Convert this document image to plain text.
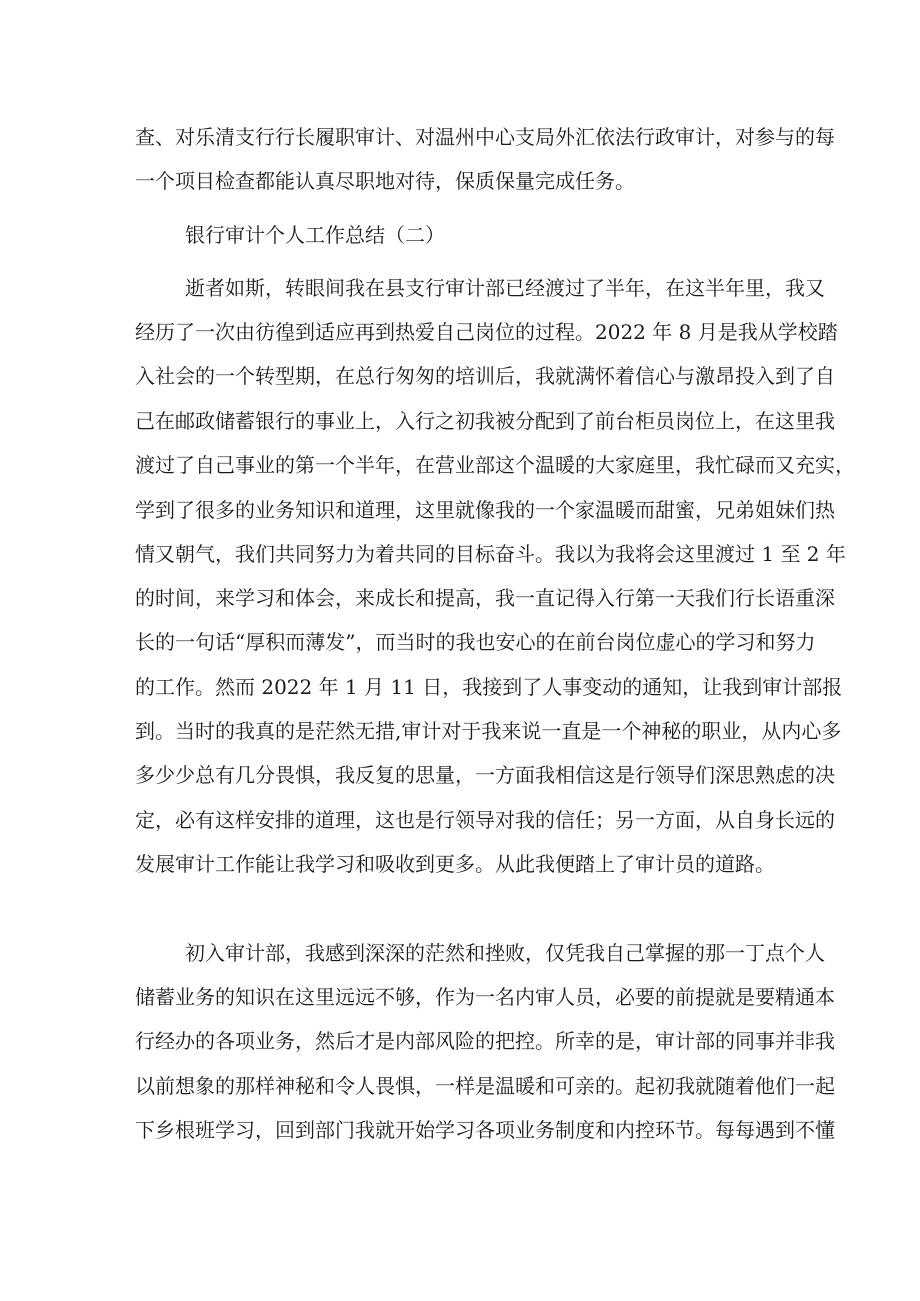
查、对乐清支行行长履职审计、对温州中心支局外汇依法行政审计，对参与的每
一个项目检查都能认真尽职地对待，保质保量完成任务。
银行审计个人工作总结（二）
逝者如斯，转眼间我在县支行审计部已经渡过了半年，在这半年里，我又
经历了一次由彷徨到适应再到热爱自己岗位的过程。2022 年 8 月是我从学校踏
入社会的一个转型期，在总行匆匆的培训后，我就满怀着信心与激昂投入到了自
己在邮政储蓄银行的事业上，入行之初我被分配到了前台柜员岗位上，在这里我
渡过了自己事业的第一个半年，在营业部这个温暖的大家庭里，我忙碌而又充实，
学到了很多的业务知识和道理，这里就像我的一个家温暖而甜蜜，兄弟姐妹们热
情又朝气，我们共同努力为着共同的目标奋斗。我以为我将会这里渡过 1 至 2 年
的时间，来学习和体会，来成长和提高，我一直记得入行第一天我们行长语重深
长的一句话“厚积而薄发”，而当时的我也安心的在前台岗位虚心的学习和努力
的工作。然而 2022 年 1 月 11 日，我接到了人事变动的通知，让我到审计部报
到。当时的我真的是茫然无措,审计对于我来说一直是一个神秘的职业，从内心多
多少少总有几分畏惧，我反复的思量，一方面我相信这是行领导们深思熟虑的决
定，必有这样安排的道理，这也是行领导对我的信任；另一方面，从自身长远的
发展审计工作能让我学习和吸收到更多。从此我便踏上了审计员的道路。
初入审计部，我感到深深的茫然和挫败，仅凭我自己掌握的那一丁点个人
储蓄业务的知识在这里远远不够，作为一名内审人员，必要的前提就是要精通本
行经办的各项业务，然后才是内部风险的把控。所幸的是，审计部的同事并非我
以前想象的那样神秘和令人畏惧，一样是温暖和可亲的。起初我就随着他们一起
下乡根班学习，回到部门我就开始学习各项业务制度和内控环节。每每遇到不懂
